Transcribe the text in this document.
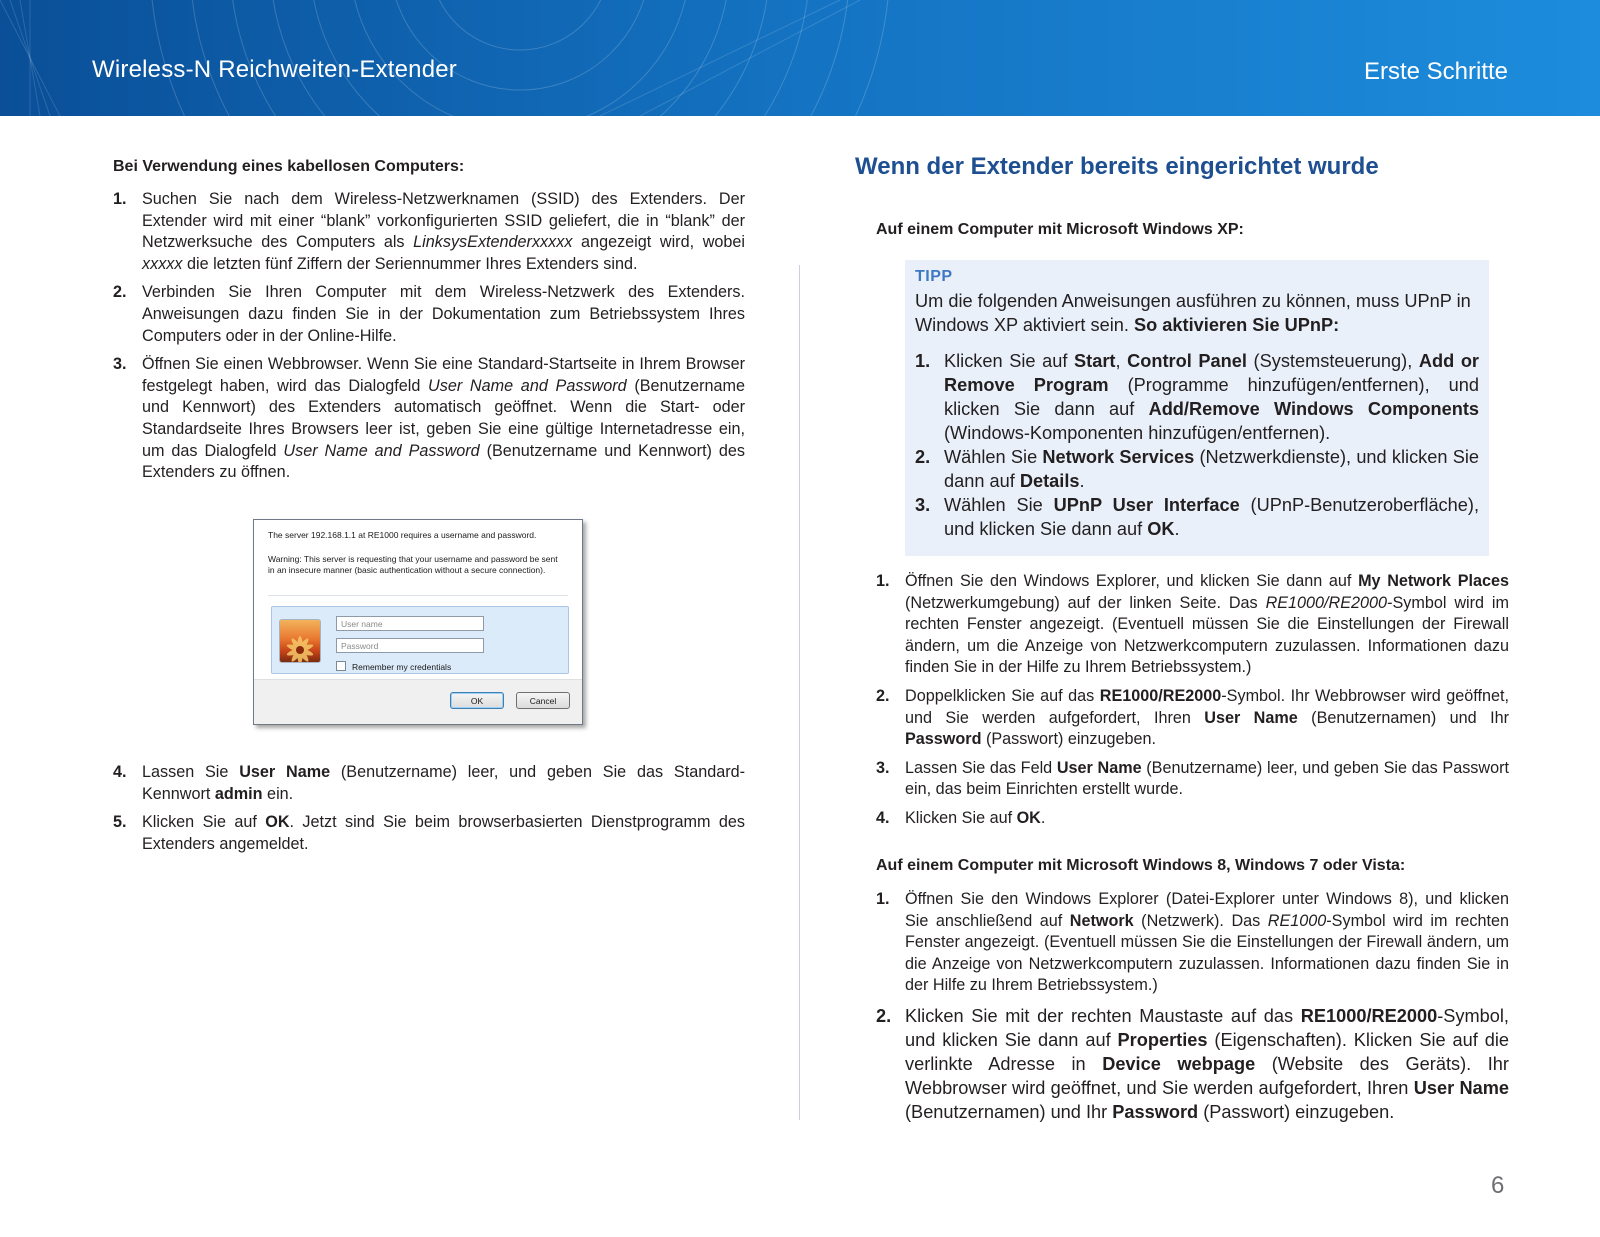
Wireless-N Reichweiten-Extender	Erste Schritte
Bei Verwendung eines kabellosen Computers:
1. Suchen Sie nach dem Wireless-Netzwerknamen (SSID) des Extenders. Der Extender wird mit einer “blank” vorkonfigurierten SSID geliefert, die in “blank” der Netzwerksuche des Computers als LinksysExtenderxxxxx angezeigt wird, wobei xxxxx die letzten fünf Ziffern der Seriennummer Ihres Extenders sind.
2. Verbinden Sie Ihren Computer mit dem Wireless-Netzwerk des Extenders. Anweisungen dazu finden Sie in der Dokumentation zum Betriebssystem Ihres Computers oder in der Online-Hilfe.
3. Öffnen Sie einen Webbrowser. Wenn Sie eine Standard-Startseite in Ihrem Browser festgelegt haben, wird das Dialogfeld User Name and Password (Benutzername und Kennwort) des Extenders automatisch geöffnet. Wenn die Start- oder Standardseite Ihres Browsers leer ist, geben Sie eine gültige Internetadresse ein, um das Dialogfeld User Name and Password (Benutzername und Kennwort) des Extenders zu öffnen.
The server 192.168.1.1 at RE1000 requires a username and password.
Warning: This server is requesting that your username and password be sent in an insecure manner (basic authentication without a secure connection).
User name
Password
Remember my credentials
OK	Cancel
4. Lassen Sie User Name (Benutzername) leer, und geben Sie das Standard-Kennwort admin ein.
5. Klicken Sie auf OK. Jetzt sind Sie beim browserbasierten Dienstprogramm des Extenders angemeldet.
Wenn der Extender bereits eingerichtet wurde
Auf einem Computer mit Microsoft Windows XP:
TIPP
Um die folgenden Anweisungen ausführen zu können, muss UPnP in Windows XP aktiviert sein. So aktivieren Sie UPnP:
1. Klicken Sie auf Start, Control Panel (Systemsteuerung), Add or Remove Program (Programme hinzufügen/entfernen), und klicken Sie dann auf Add/Remove Windows Components (Windows-Komponenten hinzufügen/entfernen).
2. Wählen Sie Network Services (Netzwerkdienste), und klicken Sie dann auf Details.
3. Wählen Sie UPnP User Interface (UPnP-Benutzeroberfläche), und klicken Sie dann auf OK.
1. Öffnen Sie den Windows Explorer, und klicken Sie dann auf My Network Places (Netzwerkumgebung) auf der linken Seite. Das RE1000/RE2000-Symbol wird im rechten Fenster angezeigt. (Eventuell müssen Sie die Einstellungen der Firewall ändern, um die Anzeige von Netzwerkcomputern zuzulassen. Informationen dazu finden Sie in der Hilfe zu Ihrem Betriebssystem.)
2. Doppelklicken Sie auf das RE1000/RE2000-Symbol. Ihr Webbrowser wird geöffnet, und Sie werden aufgefordert, Ihren User Name (Benutzernamen) und Ihr Password (Passwort) einzugeben.
3. Lassen Sie das Feld User Name (Benutzername) leer, und geben Sie das Passwort ein, das beim Einrichten erstellt wurde.
4. Klicken Sie auf OK.
Auf einem Computer mit Microsoft Windows 8, Windows 7 oder Vista:
1. Öffnen Sie den Windows Explorer (Datei-Explorer unter Windows 8), und klicken Sie anschließend auf Network (Netzwerk). Das RE1000-Symbol wird im rechten Fenster angezeigt. (Eventuell müssen Sie die Einstellungen der Firewall ändern, um die Anzeige von Netzwerkcomputern zuzulassen. Informationen dazu finden Sie in der Hilfe zu Ihrem Betriebssystem.)
2. Klicken Sie mit der rechten Maustaste auf das RE1000/RE2000-Symbol, und klicken Sie dann auf Properties (Eigenschaften). Klicken Sie auf die verlinkte Adresse in Device webpage (Website des Geräts). Ihr Webbrowser wird geöffnet, und Sie werden aufgefordert, Ihren User Name (Benutzernamen) und Ihr Password (Passwort) einzugeben.
6
